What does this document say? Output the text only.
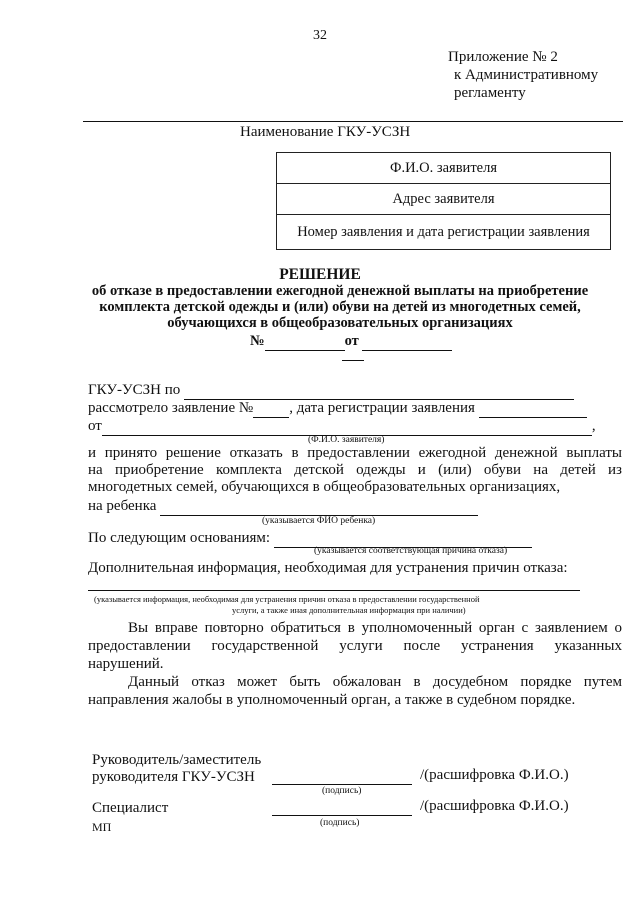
32
Приложение № 2
к Административному
регламенту
Наименование ГКУ-УСЗН
Ф.И.О. заявителя
Адрес заявителя
Номер заявления и дата регистрации заявления
РЕШЕНИЕ
об отказе в предоставлении ежегодной денежной выплаты на приобретение комплекта детской одежды и (или) обуви на детей из многодетных семей, обучающихся в общеобразовательных организациях
№	от
ГКУ-УСЗН по
рассмотрело заявление № , дата регистрации заявления
от	,
(Ф.И.О. заявителя)
и принято решение отказать в предоставлении ежегодной денежной выплаты
на приобретение комплекта детской одежды и (или) обуви на детей из
многодетных семей, обучающихся в общеобразовательных организациях,
на ребенка
(указывается ФИО ребенка)
По следующим основаниям:
(указывается соответствующая причина отказа)
Дополнительная информация, необходимая для устранения причин отказа:
(указывается информация, необходимая для устранения причин отказа в предоставлении государственной
услуги, а также иная дополнительная информация при наличии)
Вы вправе повторно обратиться в уполномоченный орган с заявлением о
предоставлении государственной услуги после устранения указанных
нарушений.
Данный отказ может быть обжалован в досудебном порядке путем
направления жалобы в уполномоченный орган, а также в судебном порядке.
Руководитель/заместитель
руководителя ГКУ-УСЗН	/(расшифровка Ф.И.О.)
(подпись)
Специалист	/(расшифровка Ф.И.О.)
(подпись)
МП
